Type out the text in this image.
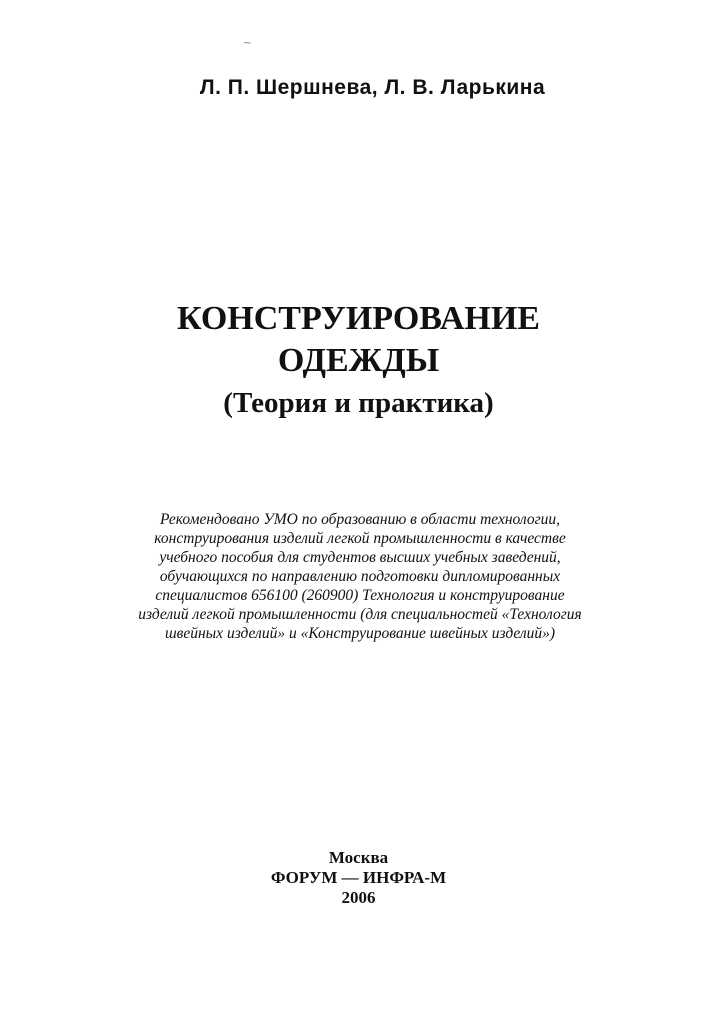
~
Л. П. Шершнева, Л. В. Ларькина
КОНСТРУИРОВАНИЕ
ОДЕЖДЫ
(Теория и практика)
Рекомендовано УМО по образованию в области технологии,
конструирования изделий легкой промышленности в качестве
учебного пособия для студентов высших учебных заведений,
обучающихся по направлению подготовки дипломированных
специалистов 656100 (260900) Технология и конструирование
изделий легкой промышленности (для специальностей «Технология
швейных изделий» и «Конструирование швейных изделий»)
Москва
ФОРУМ — ИНФРА-М
2006
